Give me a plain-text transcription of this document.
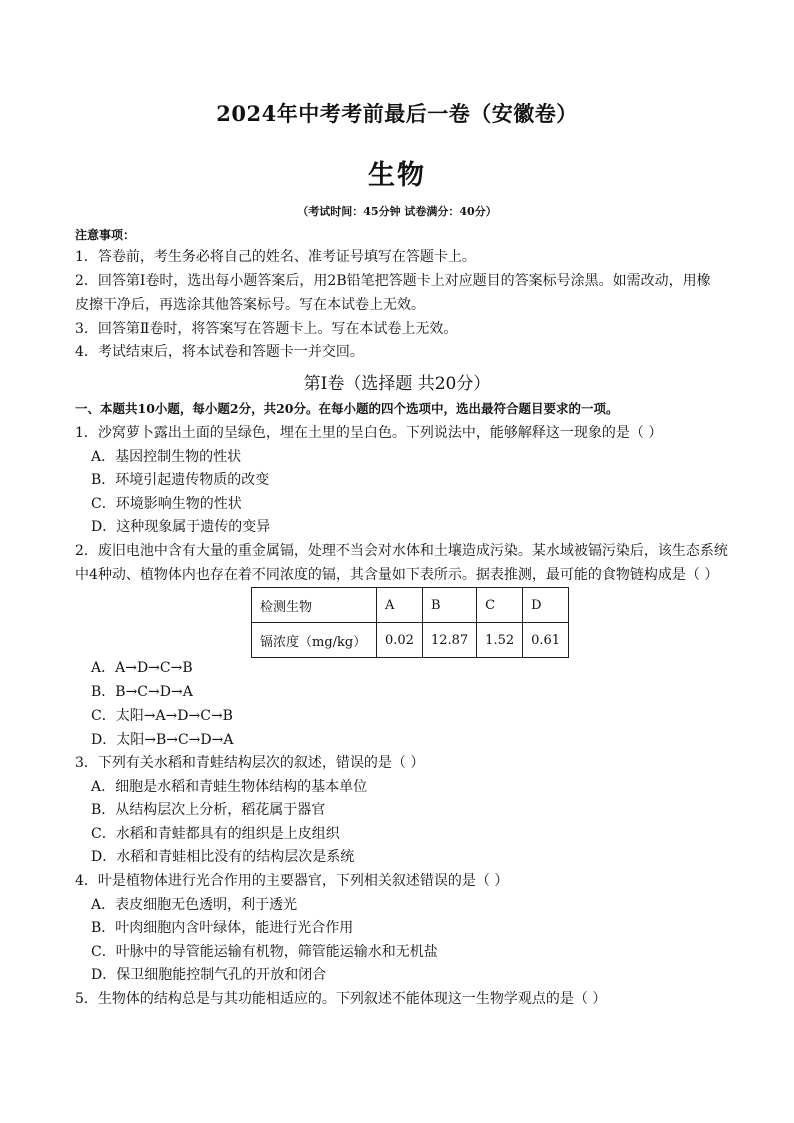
2024年中考考前最后一卷（安徽卷）
生物
（考试时间：45分钟 试卷满分：40分）
注意事项：
1．答卷前，考生务必将自己的姓名、准考证号填写在答题卡上。
2．回答第Ⅰ卷时，选出每小题答案后，用2B铅笔把答题卡上对应题目的答案标号涂黑。如需改动，用橡
皮擦干净后，再选涂其他答案标号。写在本试卷上无效。
3．回答第Ⅱ卷时，将答案写在答题卡上。写在本试卷上无效。
4．考试结束后，将本试卷和答题卡一并交回。
第Ⅰ卷（选择题 共20分）
一、本题共10小题，每小题2分，共20分。在每小题的四个选项中，选出最符合题目要求的一项。
1．沙窝萝卜露出土面的呈绿色，埋在土里的呈白色。下列说法中，能够解释这一现象的是（ ）
A．基因控制生物的性状
B．环境引起遗传物质的改变
C．环境影响生物的性状
D．这种现象属于遗传的变异
2．废旧电池中含有大量的重金属镉，处理不当会对水体和土壤造成污染。某水域被镉污染后，该生态系统
中4种动、植物体内也存在着不同浓度的镉，其含量如下表所示。据表推测，最可能的食物链构成是（ ）
检测生物	A	B	C	D
镉浓度（mg/kg）	0.02	12.87	1.52	0.61
A．A→D→C→B
B．B→C→D→A
C．太阳→A→D→C→B
D．太阳→B→C→D→A
3．下列有关水稻和青蛙结构层次的叙述，错误的是（ ）
A．细胞是水稻和青蛙生物体结构的基本单位
B．从结构层次上分析，稻花属于器官
C．水稻和青蛙都具有的组织是上皮组织
D．水稻和青蛙相比没有的结构层次是系统
4．叶是植物体进行光合作用的主要器官，下列相关叙述错误的是（ ）
A．表皮细胞无色透明，利于透光
B．叶肉细胞内含叶绿体，能进行光合作用
C．叶脉中的导管能运输有机物，筛管能运输水和无机盐
D．保卫细胞能控制气孔的开放和闭合
5．生物体的结构总是与其功能相适应的。下列叙述不能体现这一生物学观点的是（ ）
